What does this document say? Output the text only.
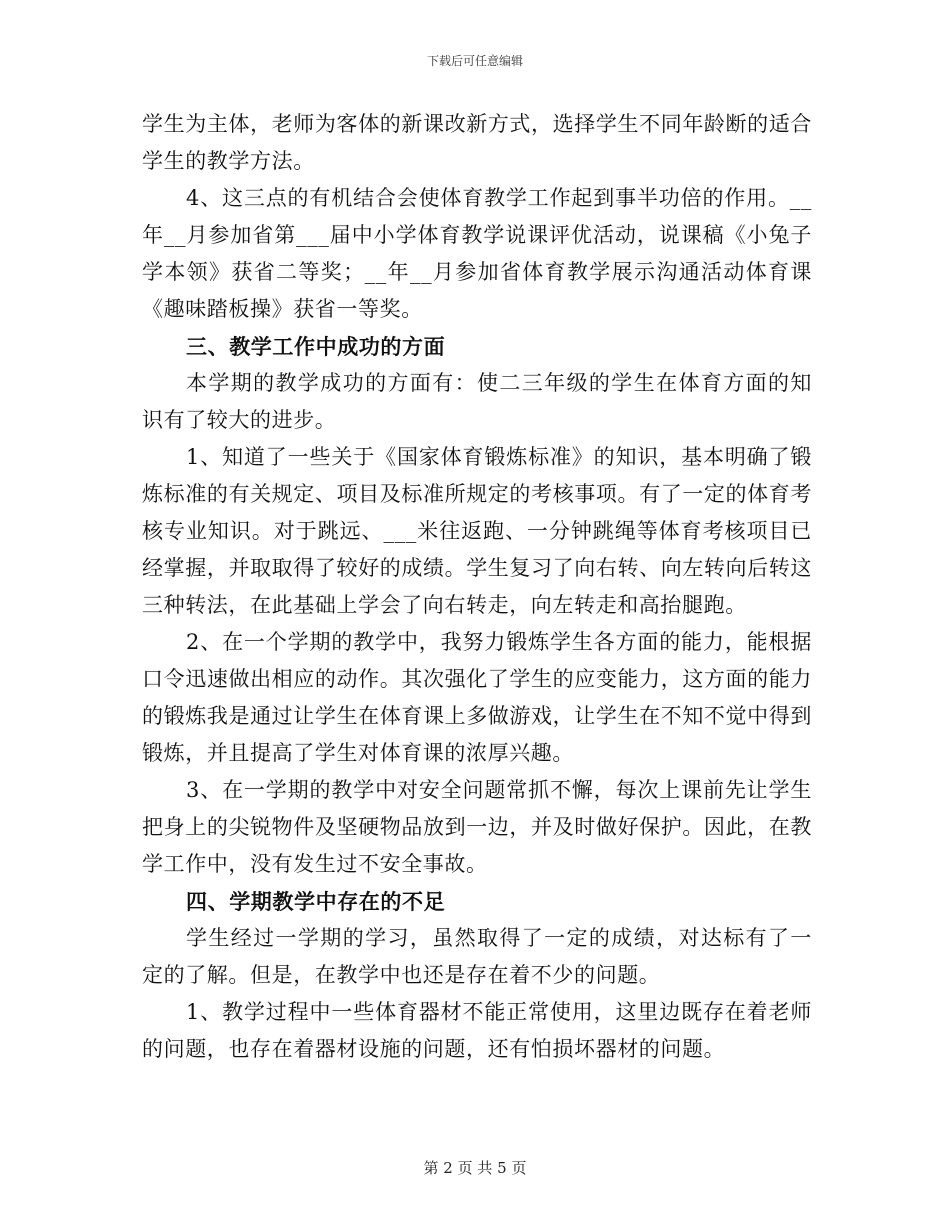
下载后可任意编辑

学生为主体，老师为客体的新课改新方式，选择学生不同年龄断的适合学生的教学方法。

4、这三点的有机结合会使体育教学工作起到事半功倍的作用。__年__月参加省第___届中小学体育教学说课评优活动，说课稿《小兔子学本领》获省二等奖；__年__月参加省体育教学展示沟通活动体育课《趣味踏板操》获省一等奖。

三、教学工作中成功的方面

本学期的教学成功的方面有：使二三年级的学生在体育方面的知识有了较大的进步。

1、知道了一些关于《国家体育锻炼标准》的知识，基本明确了锻炼标准的有关规定、项目及标准所规定的考核事项。有了一定的体育考核专业知识。对于跳远、___米往返跑、一分钟跳绳等体育考核项目已经掌握，并取取得了较好的成绩。学生复习了向右转、向左转向后转这三种转法，在此基础上学会了向右转走，向左转走和高抬腿跑。

2、在一个学期的教学中，我努力锻炼学生各方面的能力，能根据口令迅速做出相应的动作。其次强化了学生的应变能力，这方面的能力的锻炼我是通过让学生在体育课上多做游戏，让学生在不知不觉中得到锻炼，并且提高了学生对体育课的浓厚兴趣。

3、在一学期的教学中对安全问题常抓不懈，每次上课前先让学生把身上的尖锐物件及坚硬物品放到一边，并及时做好保护。因此，在教学工作中，没有发生过不安全事故。

四、学期教学中存在的不足

学生经过一学期的学习，虽然取得了一定的成绩，对达标有了一定的了解。但是，在教学中也还是存在着不少的问题。

1、教学过程中一些体育器材不能正常使用，这里边既存在着老师的问题，也存在着器材设施的问题，还有怕损坏器材的问题。

第 2 页 共 5 页
